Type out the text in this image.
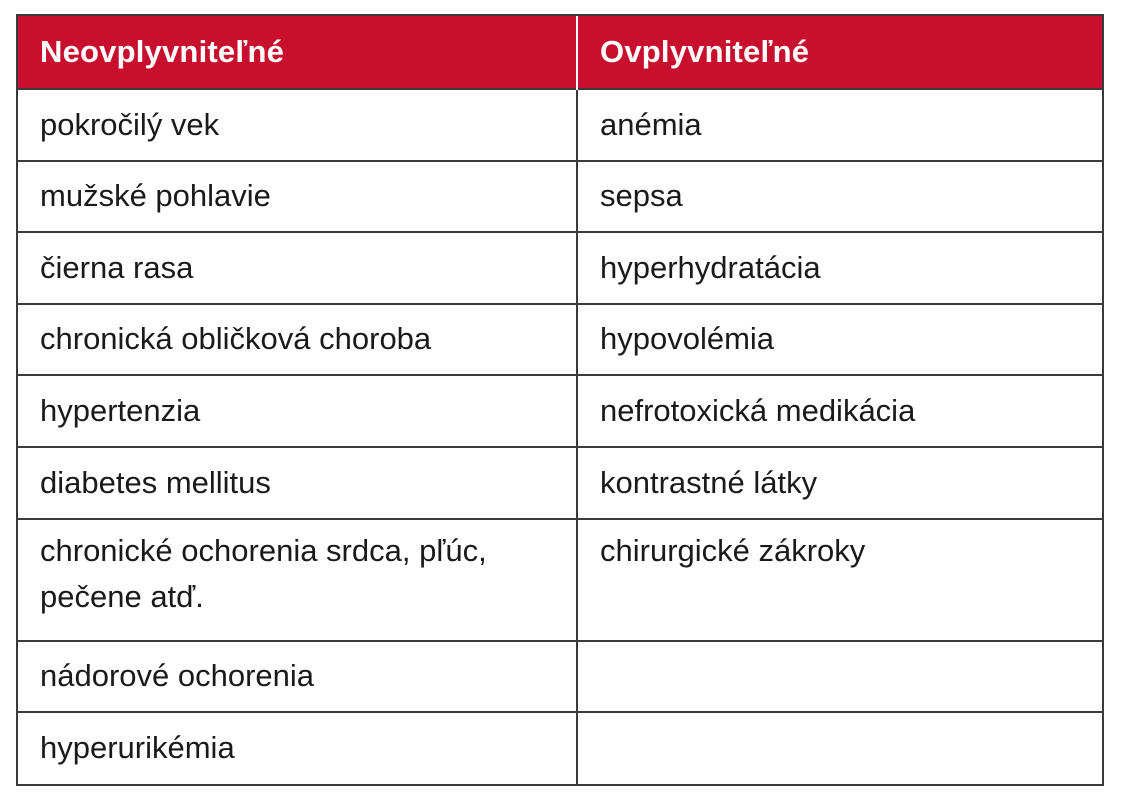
Neovplyvniteľné	Ovplyvniteľné
pokročilý vek	anémia
mužské pohlavie	sepsa
čierna rasa	hyperhydratácia
chronická obličková choroba	hypovolémia
hypertenzia	nefrotoxická medikácia
diabetes mellitus	kontrastné látky
chronické ochorenia srdca, pľúc, pečene atď.	chirurgické zákroky
nádorové ochorenia	
hyperurikémia	
